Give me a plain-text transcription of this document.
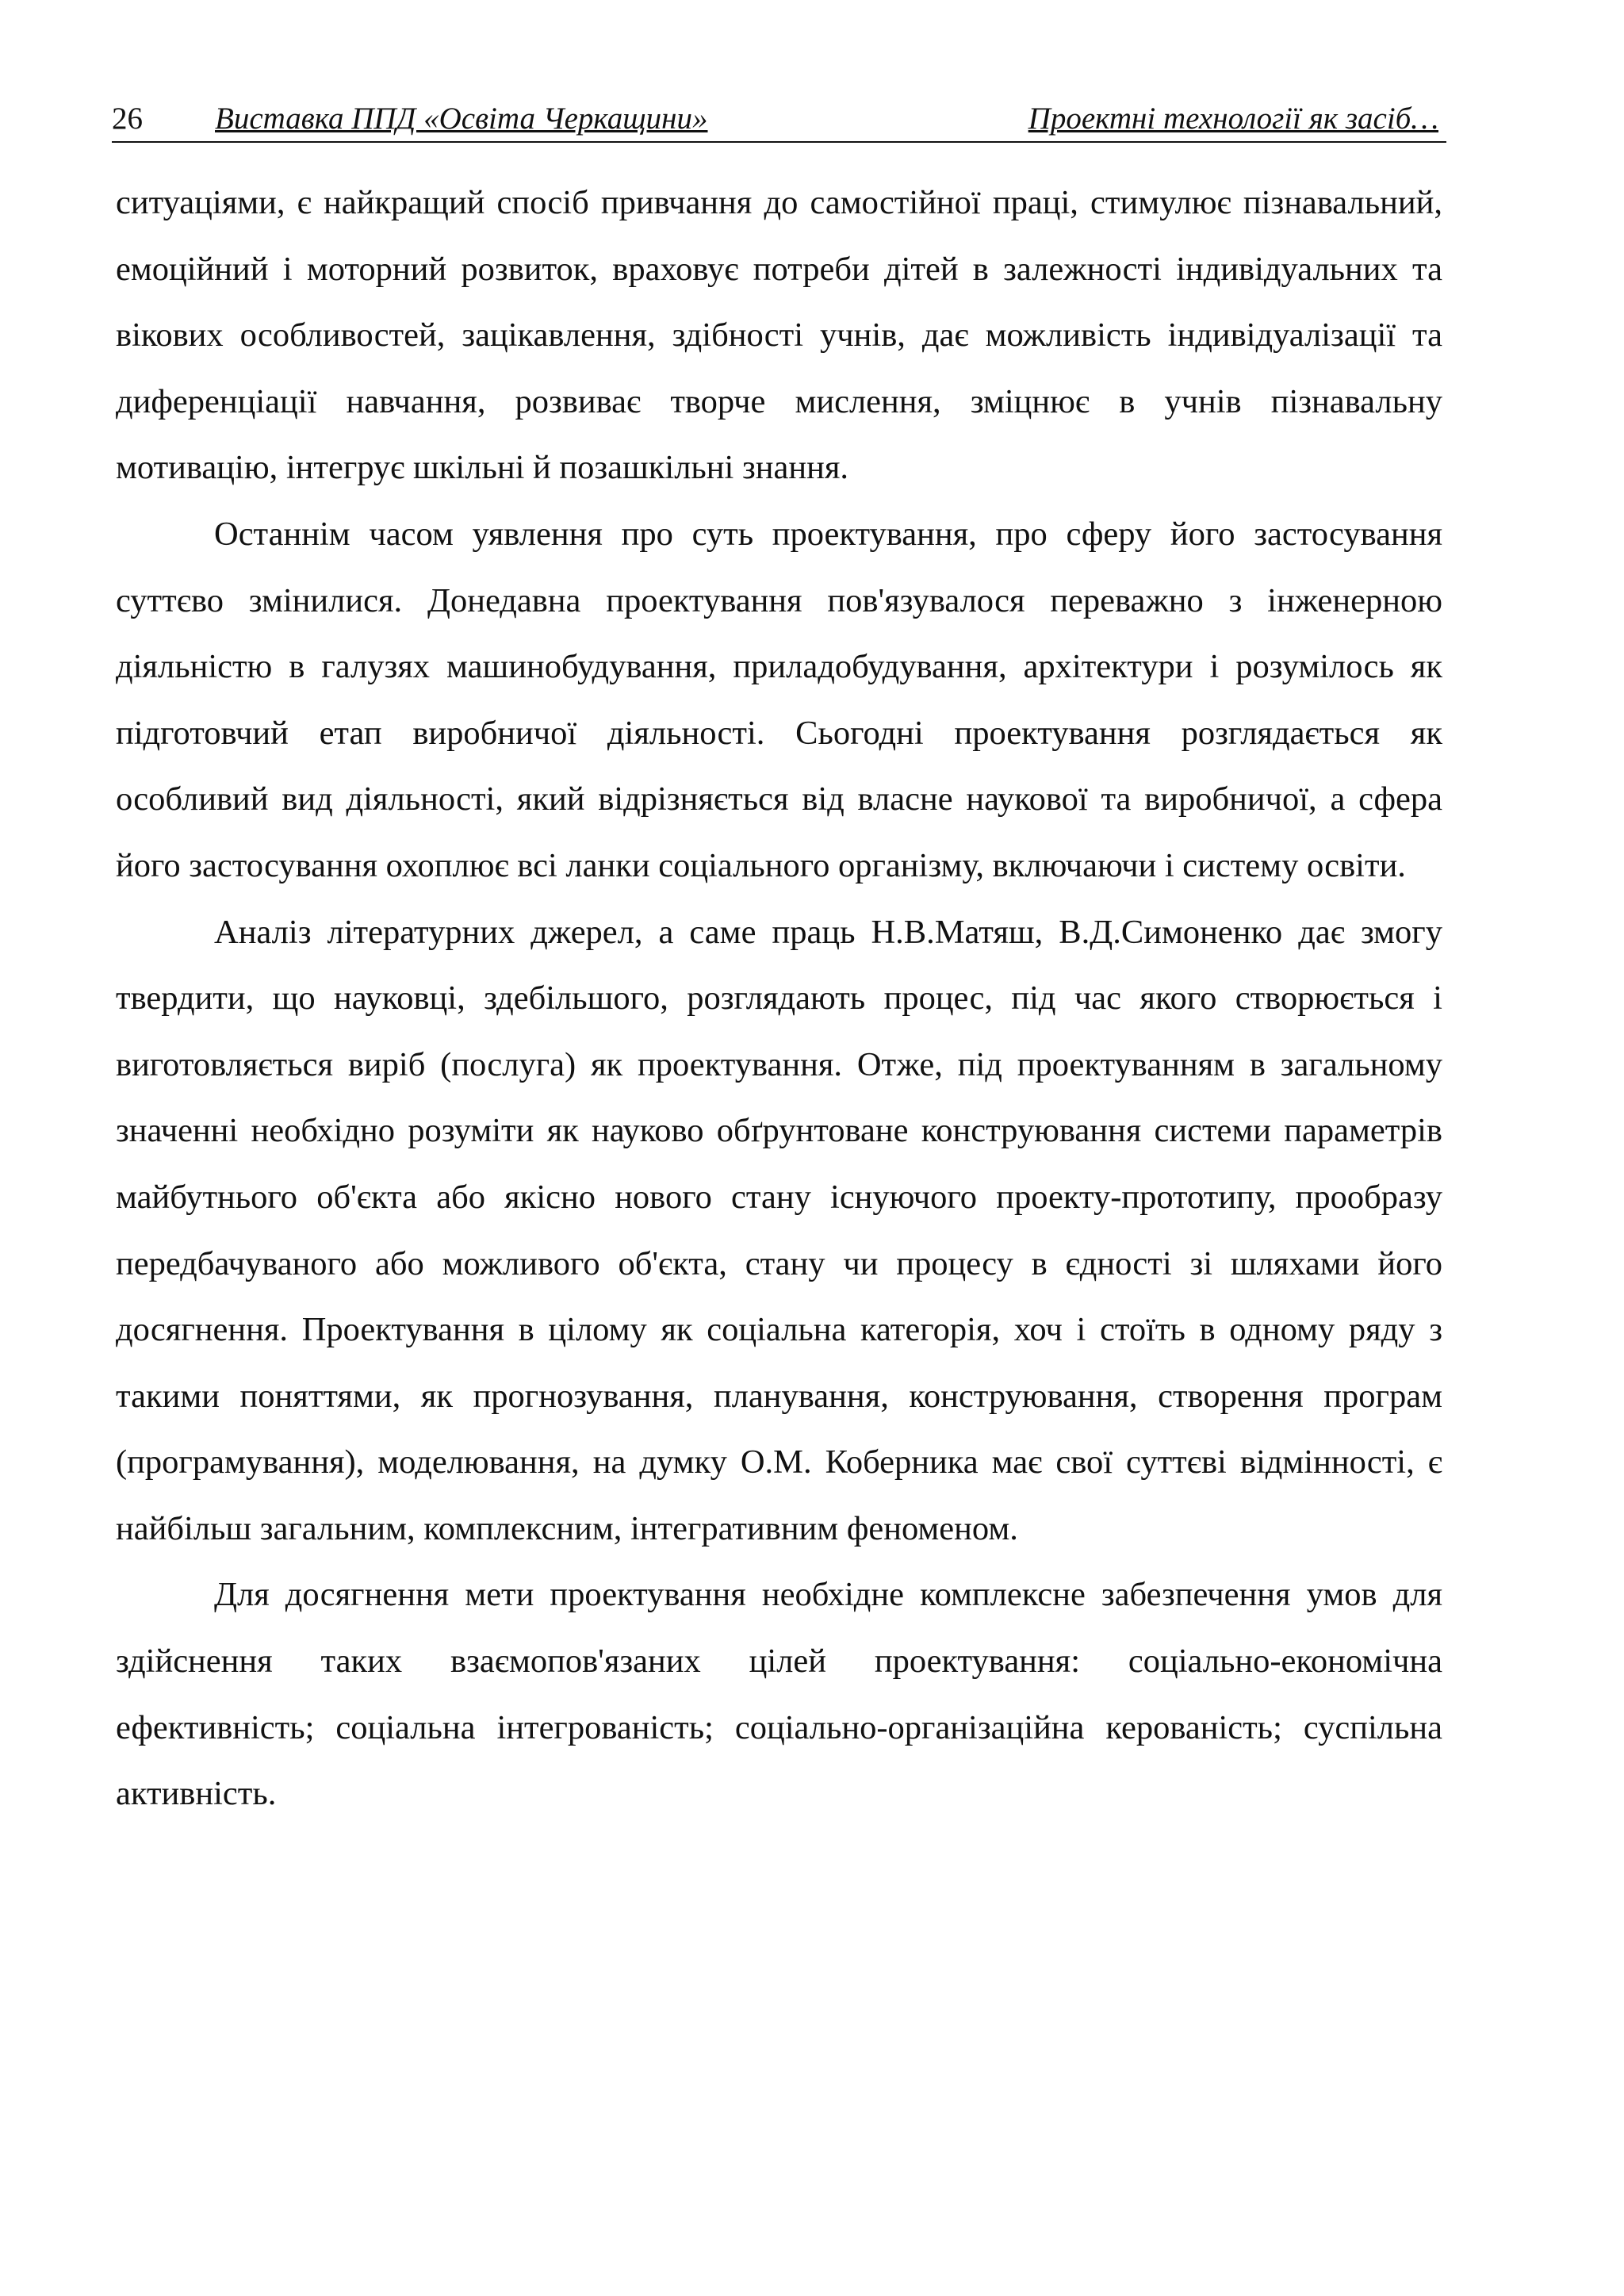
26 Виставка ППД «Освіта Черкащини»	Проектні технології як засіб…

ситуаціями, є найкращий спосіб привчання до самостійної праці, стимулює пізнавальний, емоційний і моторний розвиток, враховує потреби дітей в залежності індивідуальних та вікових особливостей, зацікавлення, здібності учнів, дає можливість індивідуалізації та диференціації навчання, розвиває творче мислення, зміцнює в учнів пізнавальну мотивацію, інтегрує шкільні й позашкільні знання.

Останнім часом уявлення про суть проектування, про сферу його застосування суттєво змінилися. Донедавна проектування пов'язувалося переважно з інженерною діяльністю в галузях машинобудування, приладобудування, архітектури і розумілось як підготовчий етап виробничої діяльності. Сьогодні проектування розглядається як особливий вид діяльності, який відрізняється від власне наукової та виробничої, а сфера його застосування охоплює всі ланки соціального організму, включаючи і систему освіти.

Аналіз літературних джерел, а саме праць Н.В.Матяш, В.Д.Симоненко дає змогу твердити, що науковці, здебільшого, розглядають процес, під час якого створюється і виготовляється виріб (послуга) як проектування. Отже, під проектуванням в загальному значенні необхідно розуміти як науково обґрунтоване конструювання системи параметрів майбутнього об'єкта або якісно нового стану існуючого проекту-прототипу, прообразу передбачуваного або можливого об'єкта, стану чи процесу в єдності зі шляхами його досягнення. Проектування в цілому як соціальна категорія, хоч і стоїть в одному ряду з такими поняттями, як прогнозування, планування, конструювання, створення програм (програмування), моделювання, на думку О.М. Коберника має свої суттєві відмінності, є найбільш загальним, комплексним, інтегративним феноменом.

Для досягнення мети проектування необхідне комплексне забезпечення умов для здійснення таких взаємопов'язаних цілей проектування: соціально-економічна ефективність; соціальна інтегрованість; соціально-організаційна керованість; суспільна активність.
